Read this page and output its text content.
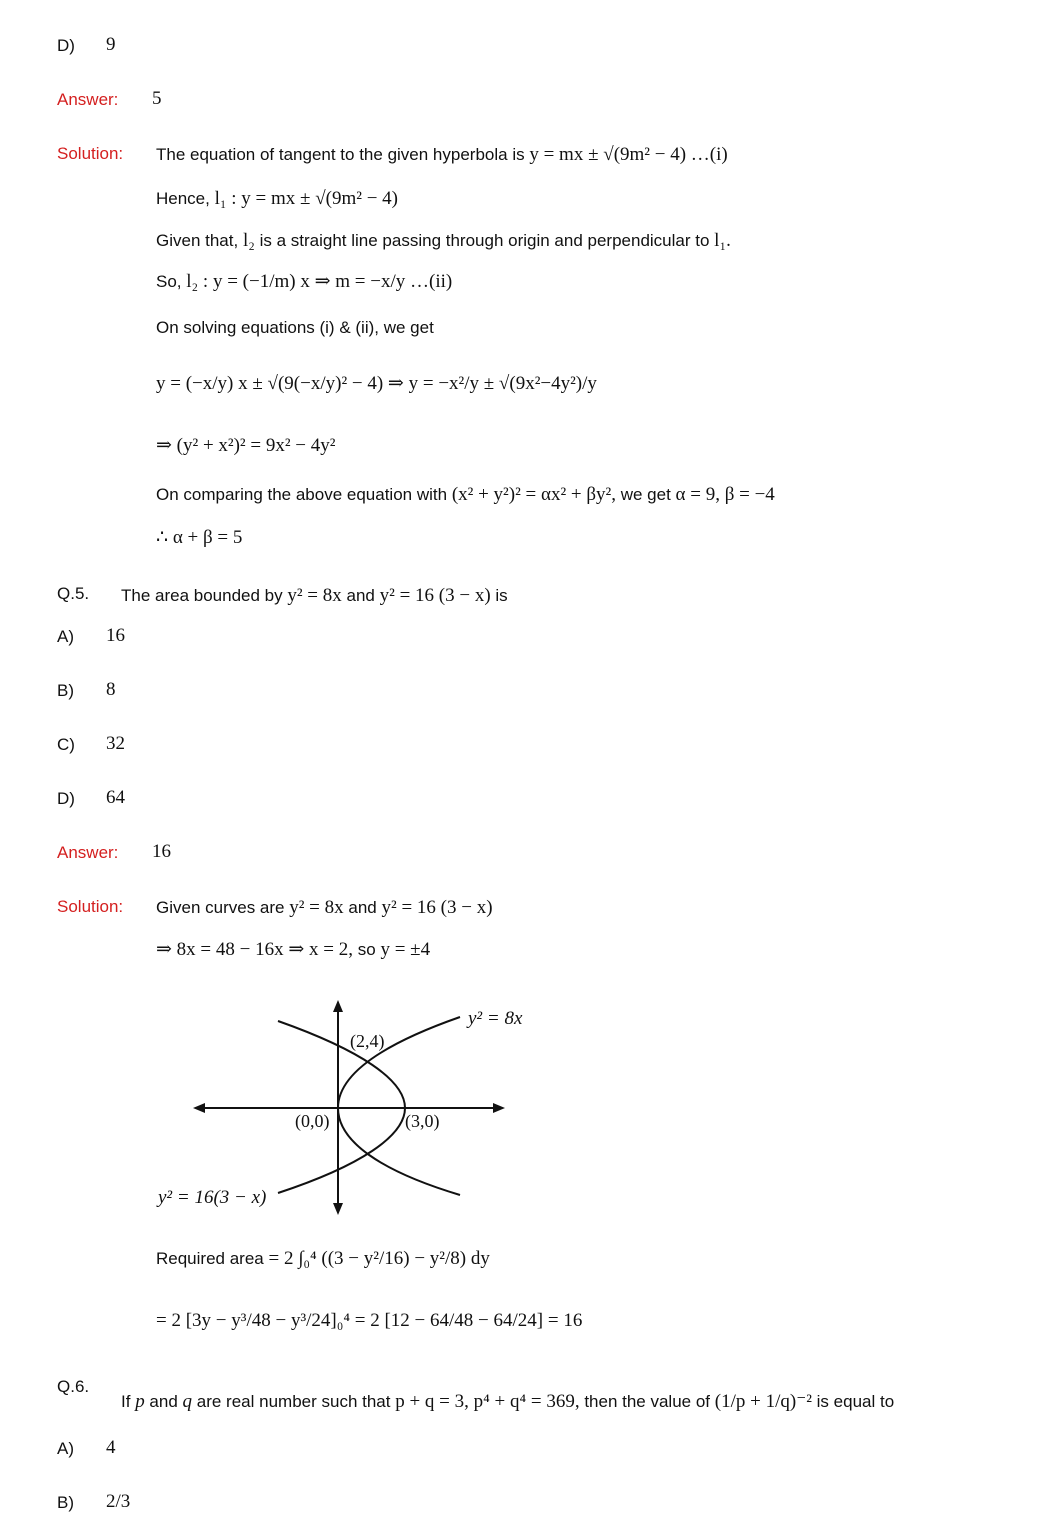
D) 9
Answer: 5
Solution: The equation of tangent to the given hyperbola is y = mx ± √(9m² − 4) …(i)
Hence, l₁ : y = mx ± √(9m² − 4)
Given that, l₂ is a straight line passing through origin and perpendicular to l₁.
So, l₂ : y = (−1/m) x ⇒ m = −x/y …(ii)
On solving equations (i) & (ii), we get
y = (−x/y) x ± √(9(−x/y)² − 4) ⇒ y = −x²/y ± √(9x²−4y²)/y
⇒ (y² + x²)² = 9x² − 4y²
On comparing the above equation with (x² + y²)² = αx² + βy², we get α = 9, β = −4
∴ α + β = 5
Q.5. The area bounded by y² = 8x and y² = 16 (3 − x) is
A) 16
B) 8
C) 32
D) 64
Answer: 16
Solution: Given curves are y² = 8x and y² = 16 (3 − x)
⇒ 8x = 48 − 16x ⇒ x = 2, so y = ±4
y² = 8x
y² = 16(3 − x)
(2,4)
(0,0)	(3,0)
Required area = 2 ∫₀⁴ ((3 − y²/16) − y²/8) dy
= 2 [3y − y³/48 − y³/24]₀⁴ = 2 [12 − 64/48 − 64/24] = 16
Q.6.
If p and q are real number such that p + q = 3, p⁴ + q⁴ = 369, then the value of (1/p + 1/q)⁻² is equal to
A) 4
B) 2/3
